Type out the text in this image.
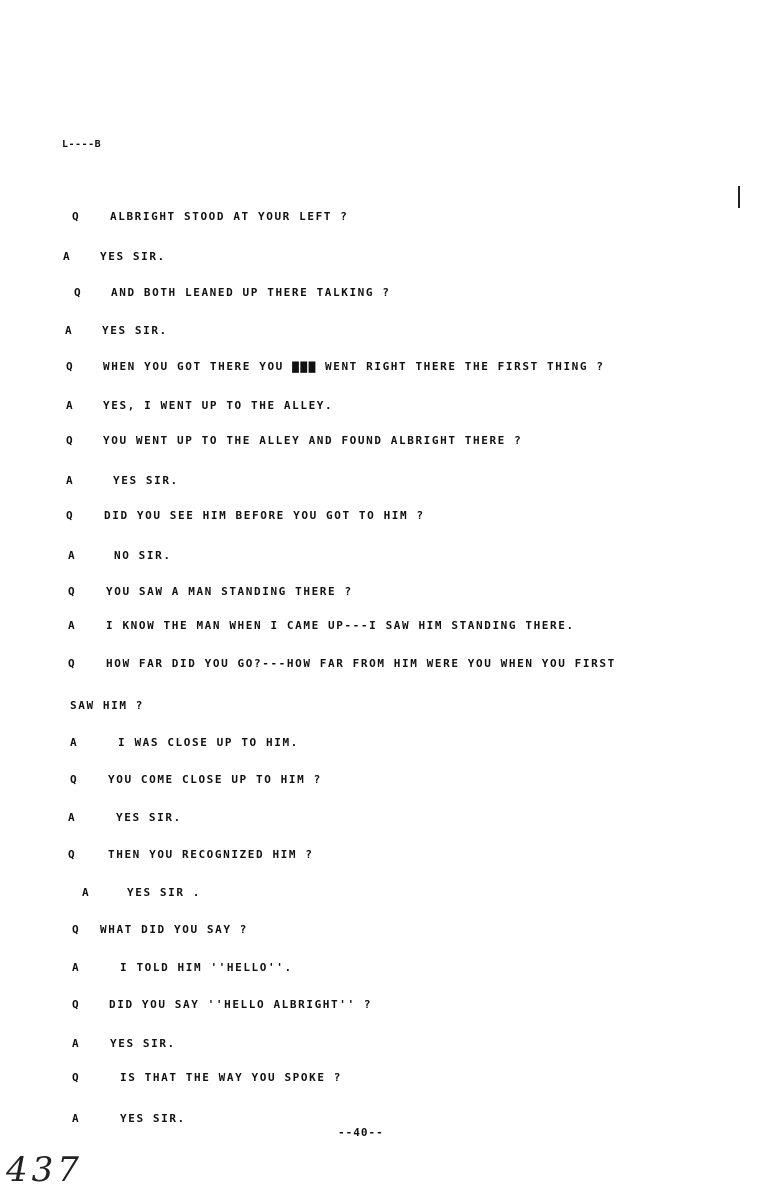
L----B
Q	ALBRIGHT STOOD AT YOUR LEFT ?
A	YES SIR.
Q	AND BOTH LEANED UP THERE TALKING ?
A	YES SIR.
Q	WHEN YOU GOT THERE YOU ▇▇▇ WENT RIGHT THERE THE FIRST THING ?
A	YES, I WENT UP TO THE ALLEY.
Q	YOU WENT UP TO THE ALLEY AND FOUND ALBRIGHT THERE ?
A	YES SIR.
Q	DID YOU SEE HIM BEFORE YOU GOT TO HIM ?
A	NO SIR.
Q	YOU SAW A MAN STANDING THERE ?
A	I KNOW THE MAN WHEN I CAME UP---I SAW HIM STANDING THERE.
Q	HOW FAR DID YOU GO?---HOW FAR FROM HIM WERE YOU WHEN YOU FIRST
SAW HIM ?
A	I WAS CLOSE UP TO HIM.
Q	YOU COME CLOSE UP TO HIM ?
A	YES SIR.
Q	THEN YOU RECOGNIZED HIM ?
A	YES SIR .
Q WHAT DID YOU SAY ?
A	I TOLD HIM ''HELLO''.
Q	DID YOU SAY ''HELLO ALBRIGHT'' ?
A	YES SIR.
Q	IS THAT THE WAY YOU SPOKE ?
A	YES SIR.
--40--
437
